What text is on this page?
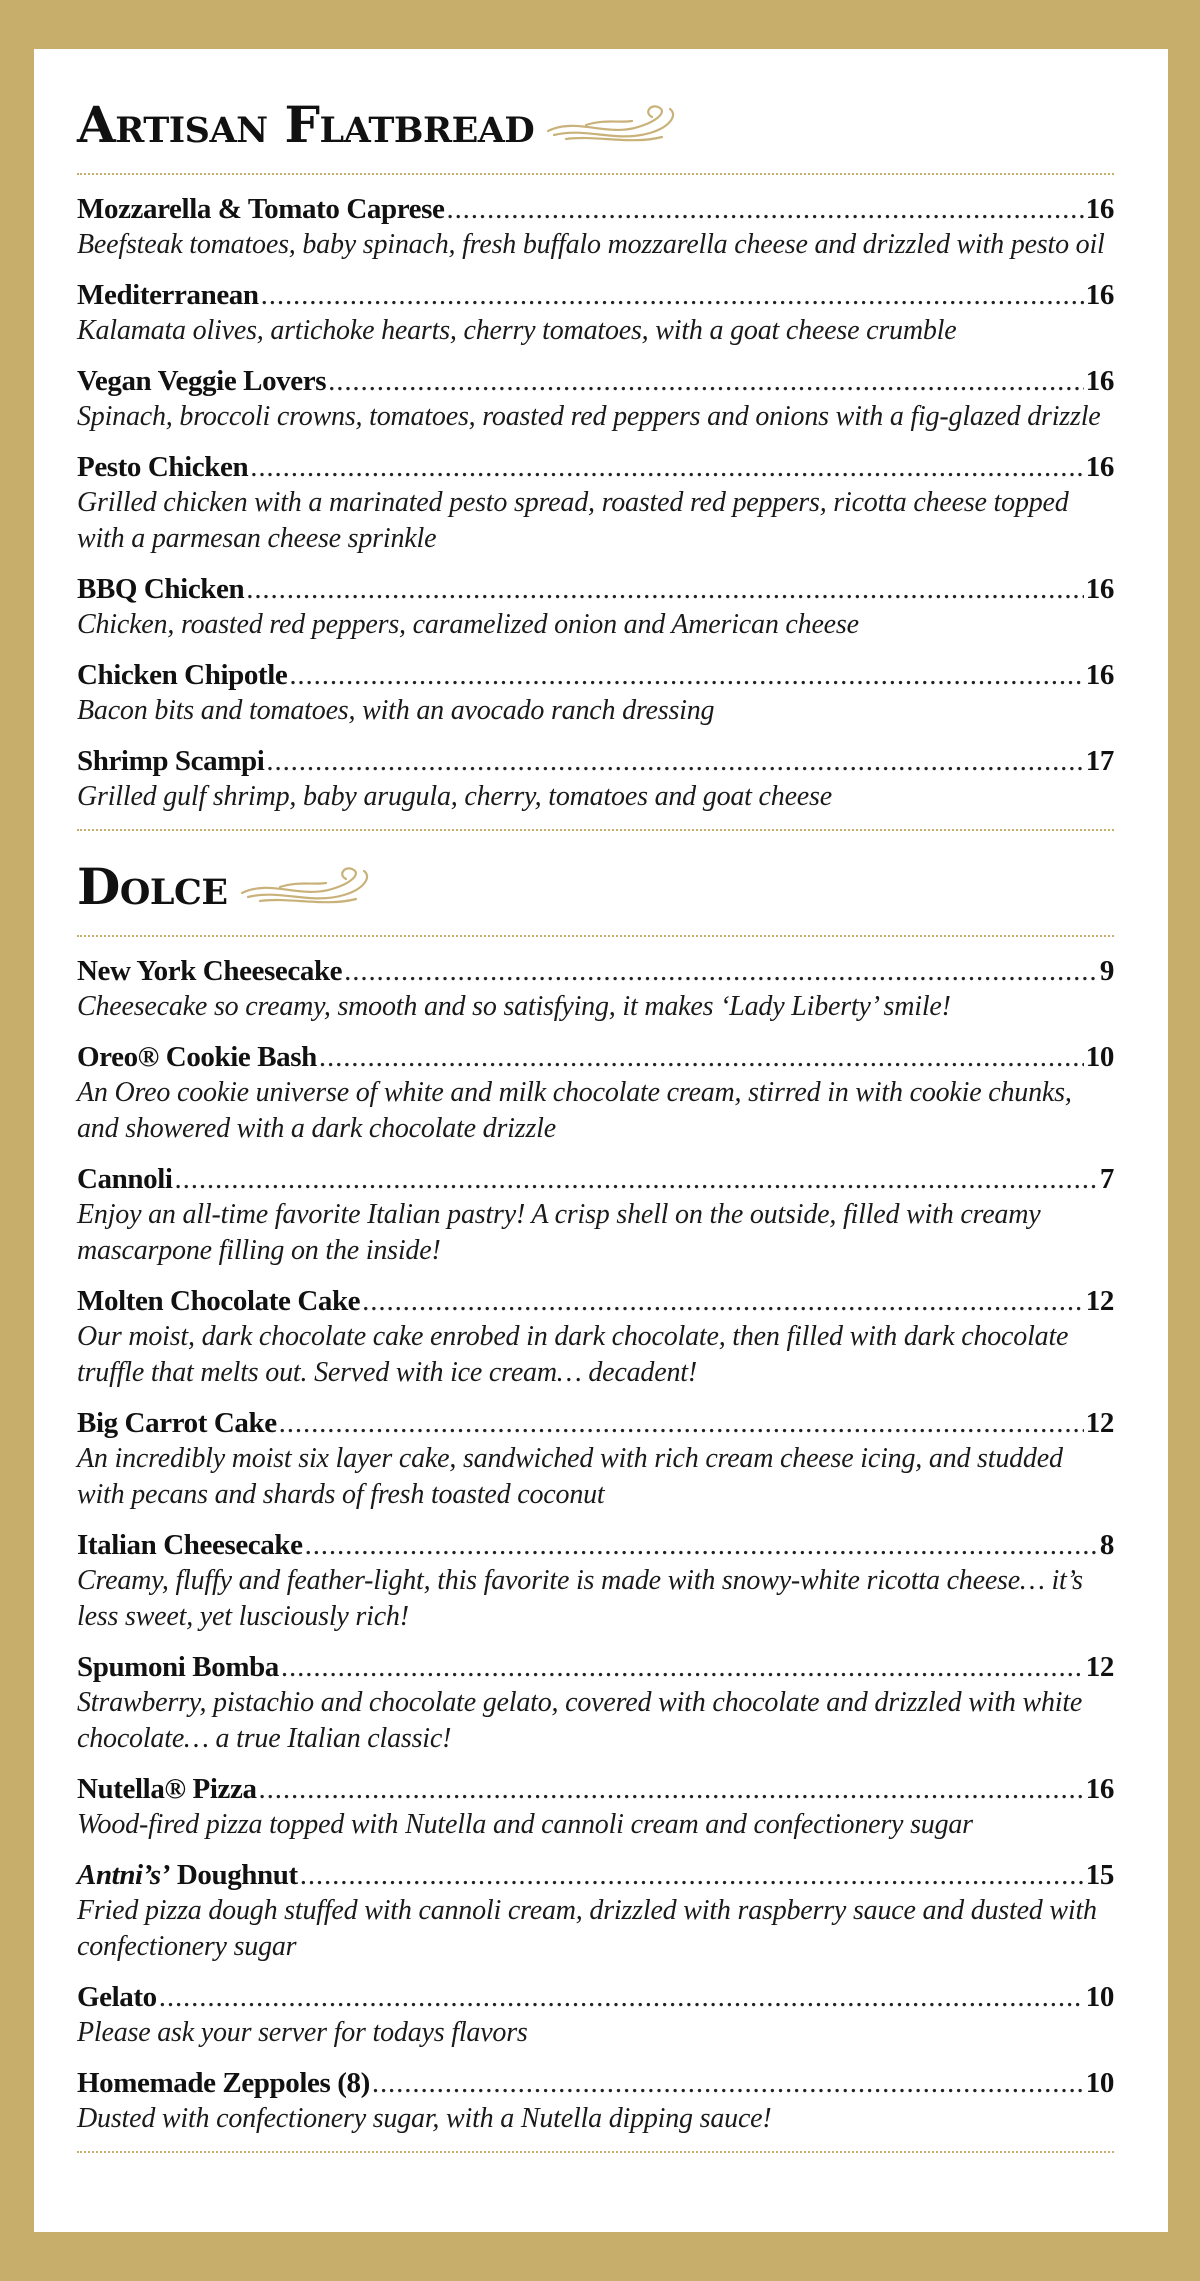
Artisan Flatbread
Mozzarella & Tomato Caprese . . .	16
Beefsteak tomatoes, baby spinach, fresh buffalo mozzarella cheese and drizzled with pesto oil
Mediterranean . . .	16
Kalamata olives, artichoke hearts, cherry tomatoes, with a goat cheese crumble
Vegan Veggie Lovers . . .	16
Spinach, broccoli crowns, tomatoes, roasted red peppers and onions with a fig-glazed drizzle
Pesto Chicken . . .	16
Grilled chicken with a marinated pesto spread, roasted red peppers, ricotta cheese topped with a parmesan cheese sprinkle
BBQ Chicken . . .	16
Chicken, roasted red peppers, caramelized onion and American cheese
Chicken Chipotle . . .	16
Bacon bits and tomatoes, with an avocado ranch dressing
Shrimp Scampi . . .	17
Grilled gulf shrimp, baby arugula, cherry, tomatoes and goat cheese
Dolce
New York Cheesecake . . .	9
Cheesecake so creamy, smooth and so satisfying, it makes ‘Lady Liberty’ smile!
Oreo® Cookie Bash . . .	10
An Oreo cookie universe of white and milk chocolate cream, stirred in with cookie chunks, and showered with a dark chocolate drizzle
Cannoli . . .	7
Enjoy an all-time favorite Italian pastry! A crisp shell on the outside, filled with creamy mascarpone filling on the inside!
Molten Chocolate Cake . . .	12
Our moist, dark chocolate cake enrobed in dark chocolate, then filled with dark chocolate truffle that melts out. Served with ice cream… decadent!
Big Carrot Cake . . .	12
An incredibly moist six layer cake, sandwiched with rich cream cheese icing, and studded with pecans and shards of fresh toasted coconut
Italian Cheesecake . . .	8
Creamy, fluffy and feather-light, this favorite is made with snowy-white ricotta cheese… it’s less sweet, yet lusciously rich!
Spumoni Bomba . . .	12
Strawberry, pistachio and chocolate gelato, covered with chocolate and drizzled with white chocolate… a true Italian classic!
Nutella® Pizza . . .	16
Wood-fired pizza topped with Nutella and cannoli cream and confectionery sugar
Antni’s’ Doughnut . . .	15
Fried pizza dough stuffed with cannoli cream, drizzled with raspberry sauce and dusted with confectionery sugar
Gelato . . .	10
Please ask your server for todays flavors
Homemade Zeppoles (8) . . .	10
Dusted with confectionery sugar, with a Nutella dipping sauce!
